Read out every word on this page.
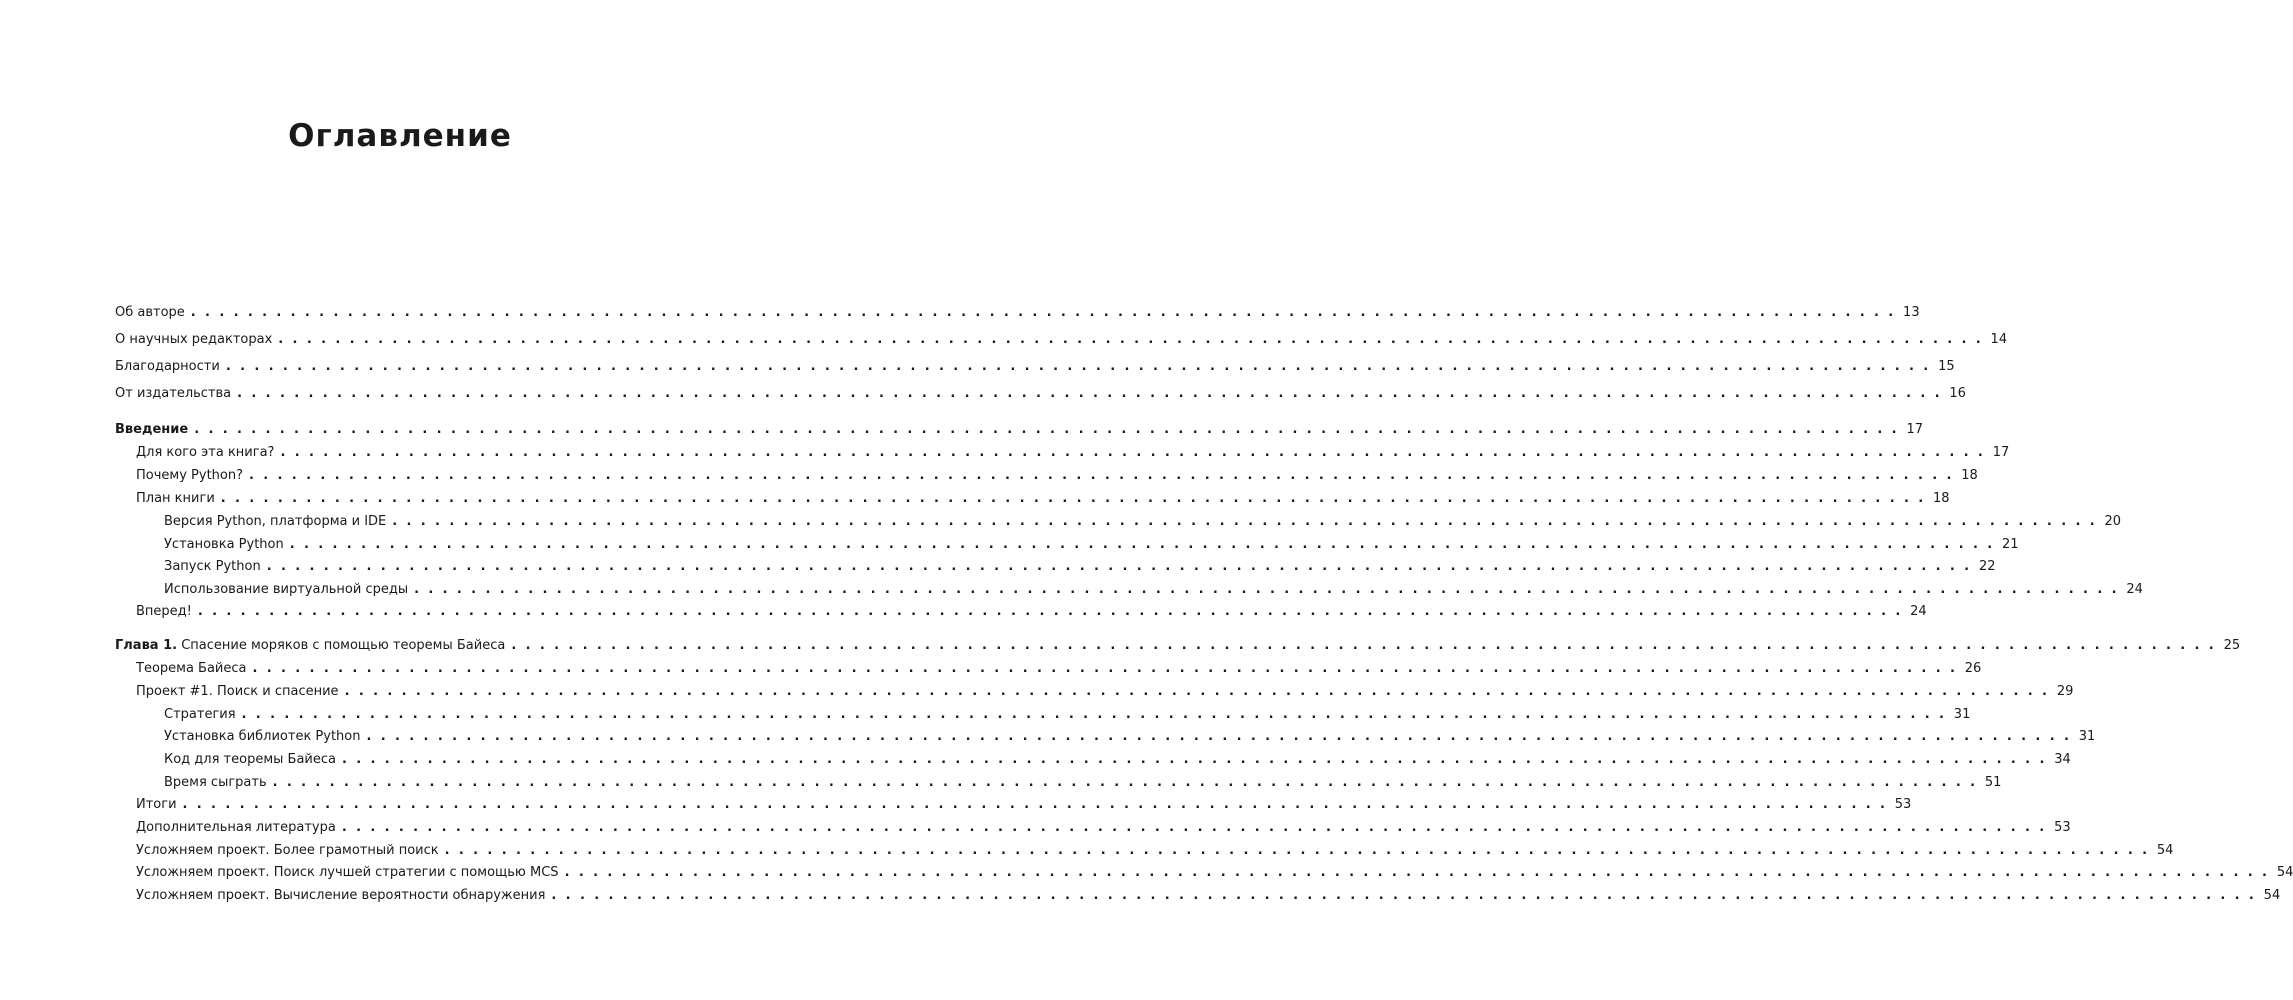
Оглавление
Об авторе . . . . . . . . . . . . . . . . . . . . . . . . . . . . . . . . . . . . . . . . . . . . . . . . . . . . . . . . . . . . . . . . . . . . . . . . . . . . . . . . . . . . . . . . . . . . . . . . . . . . . . . . . . . . . . . . . . . . . . . . 13
О научных редакторах . . . . . . . . . . . . . . . . . . . . . . . . . . . . . . . . . . . . . . . . . . . . . . . . . . . . . . . . . . . . . . . . . . . . . . . . . . . . . . . . . . . . . . . . . . . . . . . . . . . . . . . . . . . . . . . . . . . . . . . . 14
Благодарности . . . . . . . . . . . . . . . . . . . . . . . . . . . . . . . . . . . . . . . . . . . . . . . . . . . . . . . . . . . . . . . . . . . . . . . . . . . . . . . . . . . . . . . . . . . . . . . . . . . . . . . . . . . . . . . . . . . . . . . . 15
От издательства . . . . . . . . . . . . . . . . . . . . . . . . . . . . . . . . . . . . . . . . . . . . . . . . . . . . . . . . . . . . . . . . . . . . . . . . . . . . . . . . . . . . . . . . . . . . . . . . . . . . . . . . . . . . . . . . . . . . . . . . 16
Введение . . . . . . . . . . . . . . . . . . . . . . . . . . . . . . . . . . . . . . . . . . . . . . . . . . . . . . . . . . . . . . . . . . . . . . . . . . . . . . . . . . . . . . . . . . . . . . . . . . . . . . . . . . . . . . . . . . . . . . . . 17
Для кого эта книга? . . . . . . . . . . . . . . . . . . . . . . . . . . . . . . . . . . . . . . . . . . . . . . . . . . . . . . . . . . . . . . . . . . . . . . . . . . . . . . . . . . . . . . . . . . . . . . . . . . . . . . . . . . . . . . . . . . . . . . . . 17
Почему Python? . . . . . . . . . . . . . . . . . . . . . . . . . . . . . . . . . . . . . . . . . . . . . . . . . . . . . . . . . . . . . . . . . . . . . . . . . . . . . . . . . . . . . . . . . . . . . . . . . . . . . . . . . . . . . . . . . . . . . . . . 18
План книги . . . . . . . . . . . . . . . . . . . . . . . . . . . . . . . . . . . . . . . . . . . . . . . . . . . . . . . . . . . . . . . . . . . . . . . . . . . . . . . . . . . . . . . . . . . . . . . . . . . . . . . . . . . . . . . . . . . . . . . . 18
Версия Python, платформа и IDE . . . . . . . . . . . . . . . . . . . . . . . . . . . . . . . . . . . . . . . . . . . . . . . . . . . . . . . . . . . . . . . . . . . . . . . . . . . . . . . . . . . . . . . . . . . . . . . . . . . . . . . . . . . . . . . . . . . . . . . . 20
Установка Python . . . . . . . . . . . . . . . . . . . . . . . . . . . . . . . . . . . . . . . . . . . . . . . . . . . . . . . . . . . . . . . . . . . . . . . . . . . . . . . . . . . . . . . . . . . . . . . . . . . . . . . . . . . . . . . . . . . . . . . . 21
Запуск Python . . . . . . . . . . . . . . . . . . . . . . . . . . . . . . . . . . . . . . . . . . . . . . . . . . . . . . . . . . . . . . . . . . . . . . . . . . . . . . . . . . . . . . . . . . . . . . . . . . . . . . . . . . . . . . . . . . . . . . . . 22
Использование виртуальной среды . . . . . . . . . . . . . . . . . . . . . . . . . . . . . . . . . . . . . . . . . . . . . . . . . . . . . . . . . . . . . . . . . . . . . . . . . . . . . . . . . . . . . . . . . . . . . . . . . . . . . . . . . . . . . . . . . . . . . . . . 24
Вперед! . . . . . . . . . . . . . . . . . . . . . . . . . . . . . . . . . . . . . . . . . . . . . . . . . . . . . . . . . . . . . . . . . . . . . . . . . . . . . . . . . . . . . . . . . . . . . . . . . . . . . . . . . . . . . . . . . . . . . . . . 24
Глава 1. Спасение моряков с помощью теоремы Байеса . . . . . . . . . . . . . . . . . . . . . . . . . . . . . . . . . . . . . . . . . . . . . . . . . . . . . . . . . . . . . . . . . . . . . . . . . . . . . . . . . . . . . . . . . . . . . . . . . . . . . . . . . . . . . . . . . . . . . . . . 25
Теорема Байеса . . . . . . . . . . . . . . . . . . . . . . . . . . . . . . . . . . . . . . . . . . . . . . . . . . . . . . . . . . . . . . . . . . . . . . . . . . . . . . . . . . . . . . . . . . . . . . . . . . . . . . . . . . . . . . . . . . . . . . . . 26
Проект #1. Поиск и спасение . . . . . . . . . . . . . . . . . . . . . . . . . . . . . . . . . . . . . . . . . . . . . . . . . . . . . . . . . . . . . . . . . . . . . . . . . . . . . . . . . . . . . . . . . . . . . . . . . . . . . . . . . . . . . . . . . . . . . . . . 29
Стратегия . . . . . . . . . . . . . . . . . . . . . . . . . . . . . . . . . . . . . . . . . . . . . . . . . . . . . . . . . . . . . . . . . . . . . . . . . . . . . . . . . . . . . . . . . . . . . . . . . . . . . . . . . . . . . . . . . . . . . . . . 31
Установка библиотек Python . . . . . . . . . . . . . . . . . . . . . . . . . . . . . . . . . . . . . . . . . . . . . . . . . . . . . . . . . . . . . . . . . . . . . . . . . . . . . . . . . . . . . . . . . . . . . . . . . . . . . . . . . . . . . . . . . . . . . . . . 31
Код для теоремы Байеса . . . . . . . . . . . . . . . . . . . . . . . . . . . . . . . . . . . . . . . . . . . . . . . . . . . . . . . . . . . . . . . . . . . . . . . . . . . . . . . . . . . . . . . . . . . . . . . . . . . . . . . . . . . . . . . . . . . . . . . . 34
Время сыграть . . . . . . . . . . . . . . . . . . . . . . . . . . . . . . . . . . . . . . . . . . . . . . . . . . . . . . . . . . . . . . . . . . . . . . . . . . . . . . . . . . . . . . . . . . . . . . . . . . . . . . . . . . . . . . . . . . . . . . . . 51
Итоги . . . . . . . . . . . . . . . . . . . . . . . . . . . . . . . . . . . . . . . . . . . . . . . . . . . . . . . . . . . . . . . . . . . . . . . . . . . . . . . . . . . . . . . . . . . . . . . . . . . . . . . . . . . . . . . . . . . . . . . . 53
Дополнительная литература . . . . . . . . . . . . . . . . . . . . . . . . . . . . . . . . . . . . . . . . . . . . . . . . . . . . . . . . . . . . . . . . . . . . . . . . . . . . . . . . . . . . . . . . . . . . . . . . . . . . . . . . . . . . . . . . . . . . . . . . 53
Усложняем проект. Более грамотный поиск . . . . . . . . . . . . . . . . . . . . . . . . . . . . . . . . . . . . . . . . . . . . . . . . . . . . . . . . . . . . . . . . . . . . . . . . . . . . . . . . . . . . . . . . . . . . . . . . . . . . . . . . . . . . . . . . . . . . . . . . 54
Усложняем проект. Поиск лучшей стратегии с помощью MCS . . . . . . . . . . . . . . . . . . . . . . . . . . . . . . . . . . . . . . . . . . . . . . . . . . . . . . . . . . . . . . . . . . . . . . . . . . . . . . . . . . . . . . . . . . . . . . . . . . . . . . . . . . . . . . . . . . . . . . . . 54
Усложняем проект. Вычисление вероятности обнаружения . . . . . . . . . . . . . . . . . . . . . . . . . . . . . . . . . . . . . . . . . . . . . . . . . . . . . . . . . . . . . . . . . . . . . . . . . . . . . . . . . . . . . . . . . . . . . . . . . . . . . . . . . . . . . . . . . . . . . . . . 54
